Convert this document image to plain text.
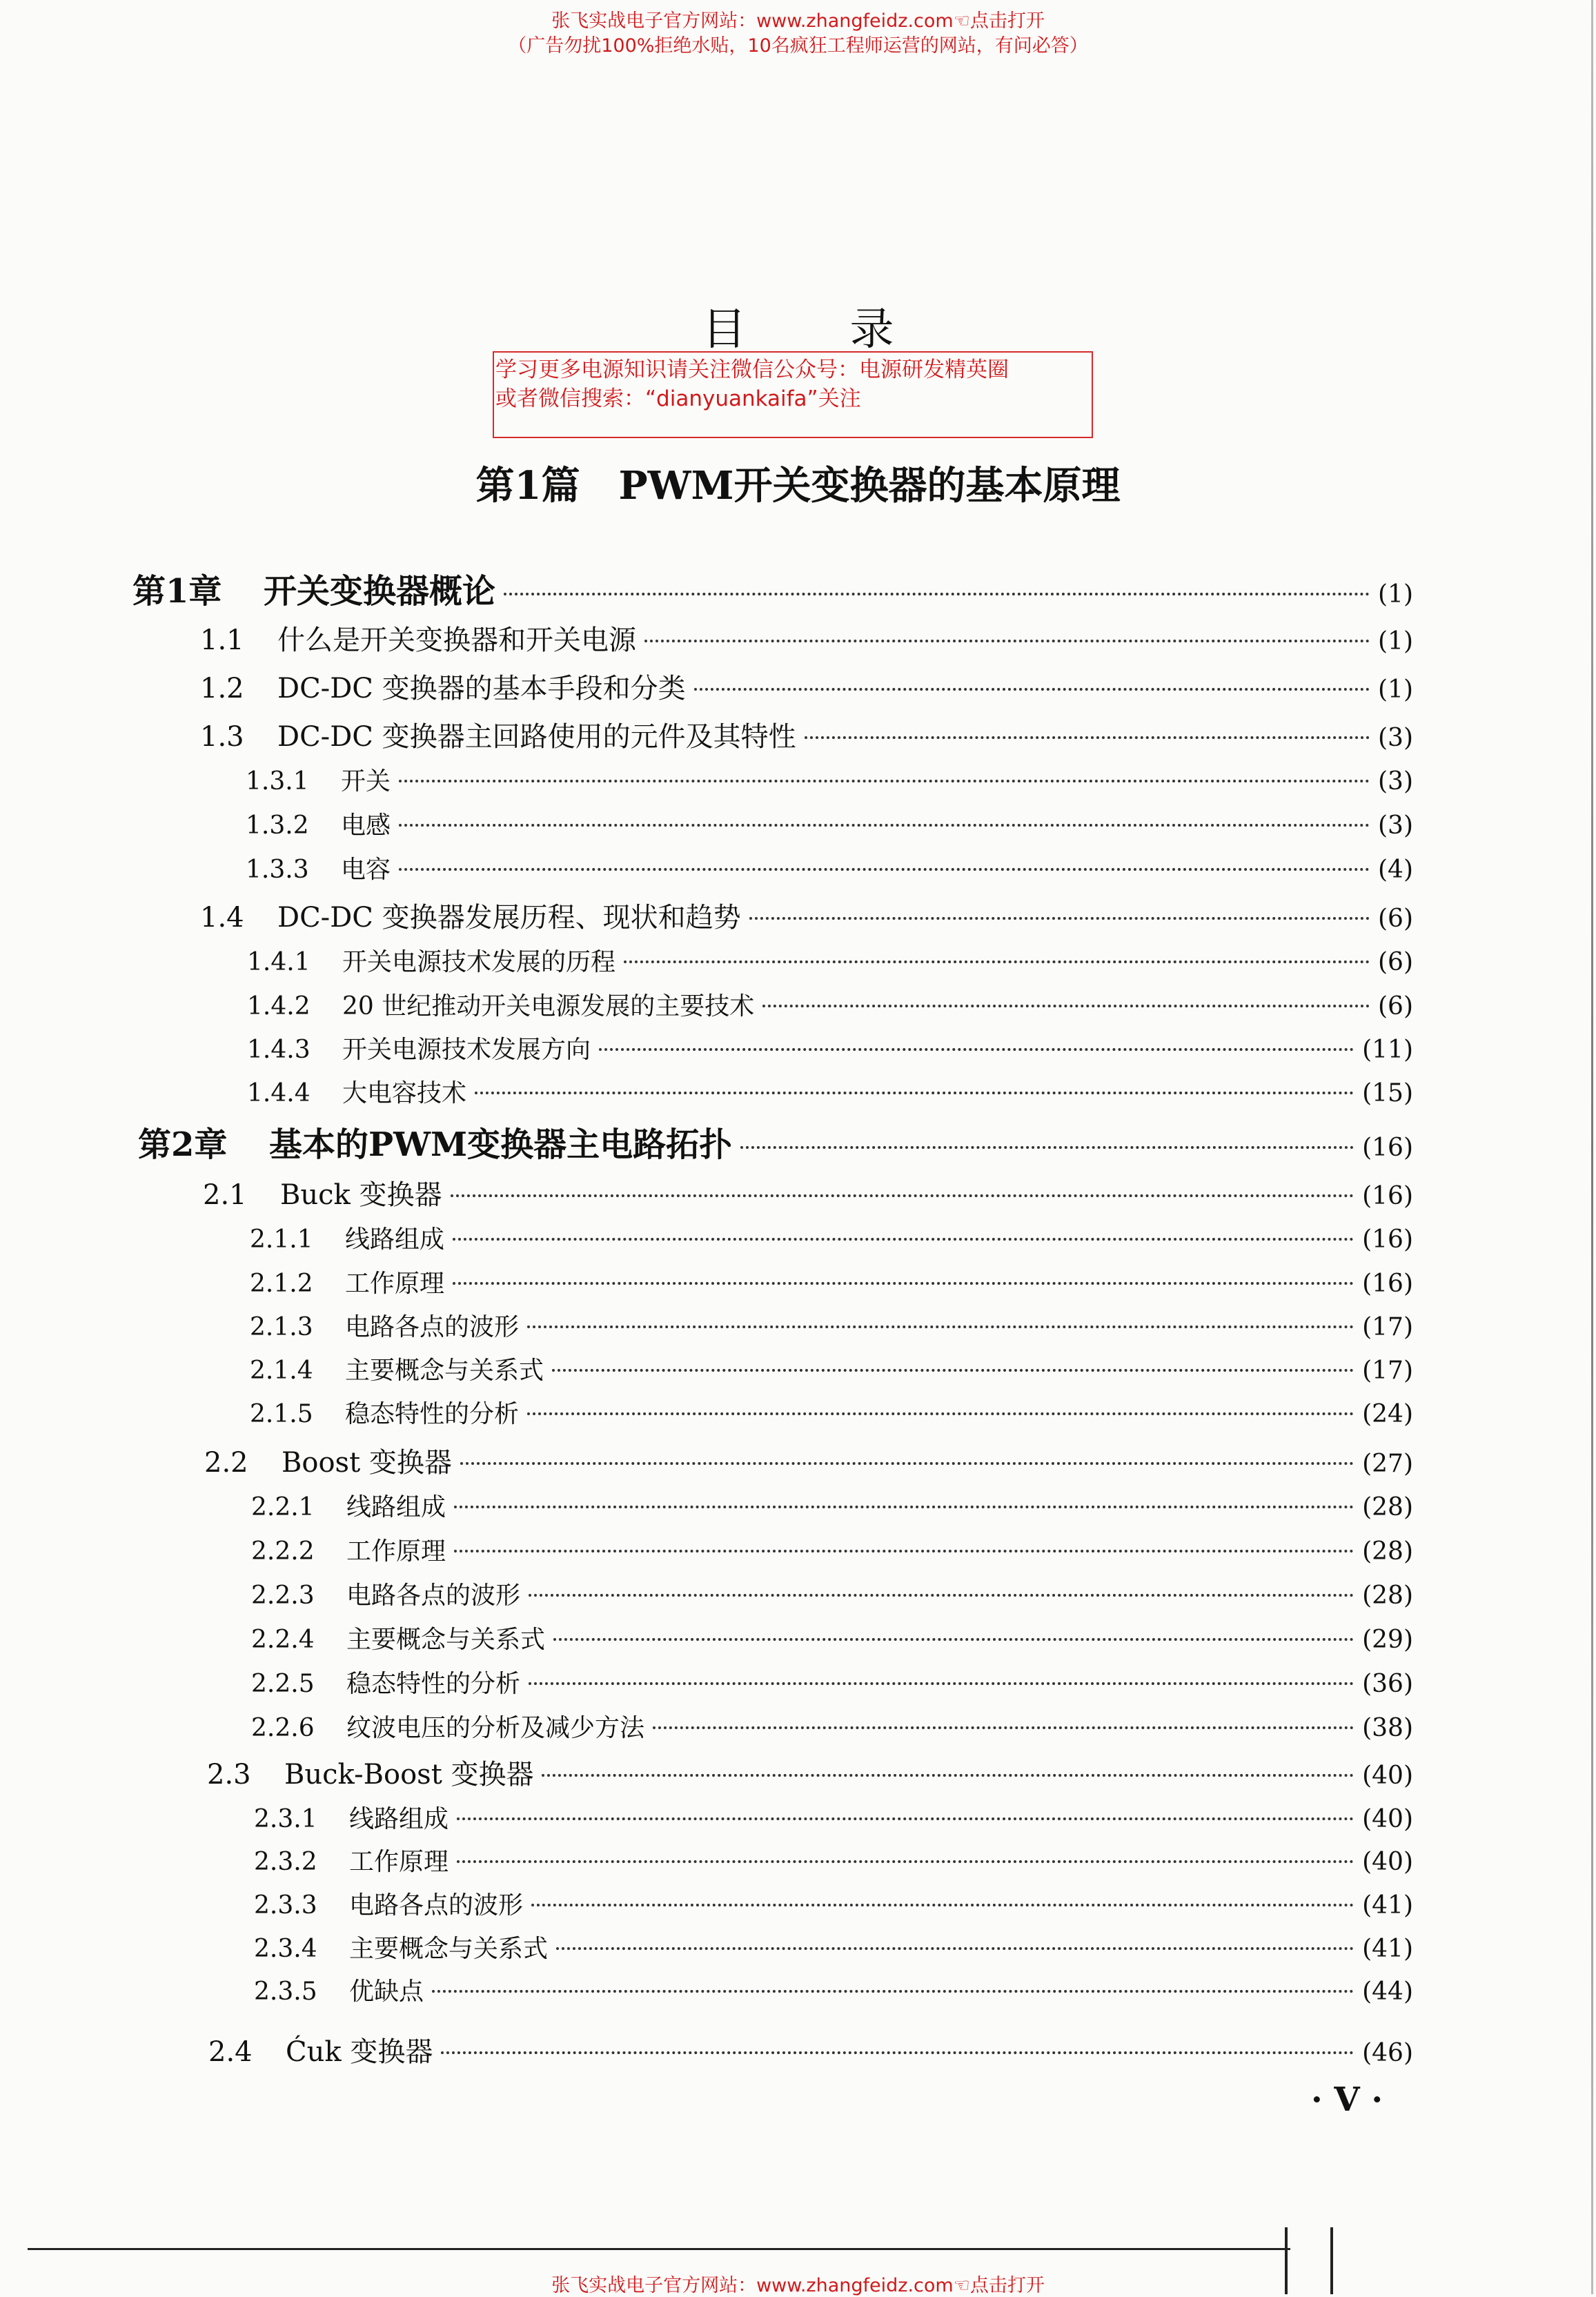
张飞实战电子官方网站：www.zhangfeidz.com☜点击打开
（广告勿扰100%拒绝水贴，10名疯狂工程师运营的网站，有问必答）
目录
学习更多电源知识请关注微信公众号：电源研发精英圈
或者微信搜索：“dianyuankaifa”关注
第1篇　PWM开关变换器的基本原理
第1章	开关变换器概论	(1)
1.1	什么是开关变换器和开关电源	(1)
1.2	DC-DC 变换器的基本手段和分类	(1)
1.3	DC-DC 变换器主回路使用的元件及其特性	(3)
1.3.1	开关	(3)
1.3.2	电感	(3)
1.3.3	电容	(4)
1.4	DC-DC 变换器发展历程、现状和趋势	(6)
1.4.1	开关电源技术发展的历程	(6)
1.4.2	20 世纪推动开关电源发展的主要技术	(6)
1.4.3	开关电源技术发展方向	(11)
1.4.4	大电容技术	(15)
第2章	基本的PWM变换器主电路拓扑	(16)
2.1	Buck 变换器	(16)
2.1.1	线路组成	(16)
2.1.2	工作原理	(16)
2.1.3	电路各点的波形	(17)
2.1.4	主要概念与关系式	(17)
2.1.5	稳态特性的分析	(24)
2.2	Boost 变换器	(27)
2.2.1	线路组成	(28)
2.2.2	工作原理	(28)
2.2.3	电路各点的波形	(28)
2.2.4	主要概念与关系式	(29)
2.2.5	稳态特性的分析	(36)
2.2.6	纹波电压的分析及减少方法	(38)
2.3	Buck-Boost 变换器	(40)
2.3.1	线路组成	(40)
2.3.2	工作原理	(40)
2.3.3	电路各点的波形	(41)
2.3.4	主要概念与关系式	(41)
2.3.5	优缺点	(44)
2.4	Ćuk 变换器	(46)
· V ·
张飞实战电子官方网站：www.zhangfeidz.com☜点击打开
